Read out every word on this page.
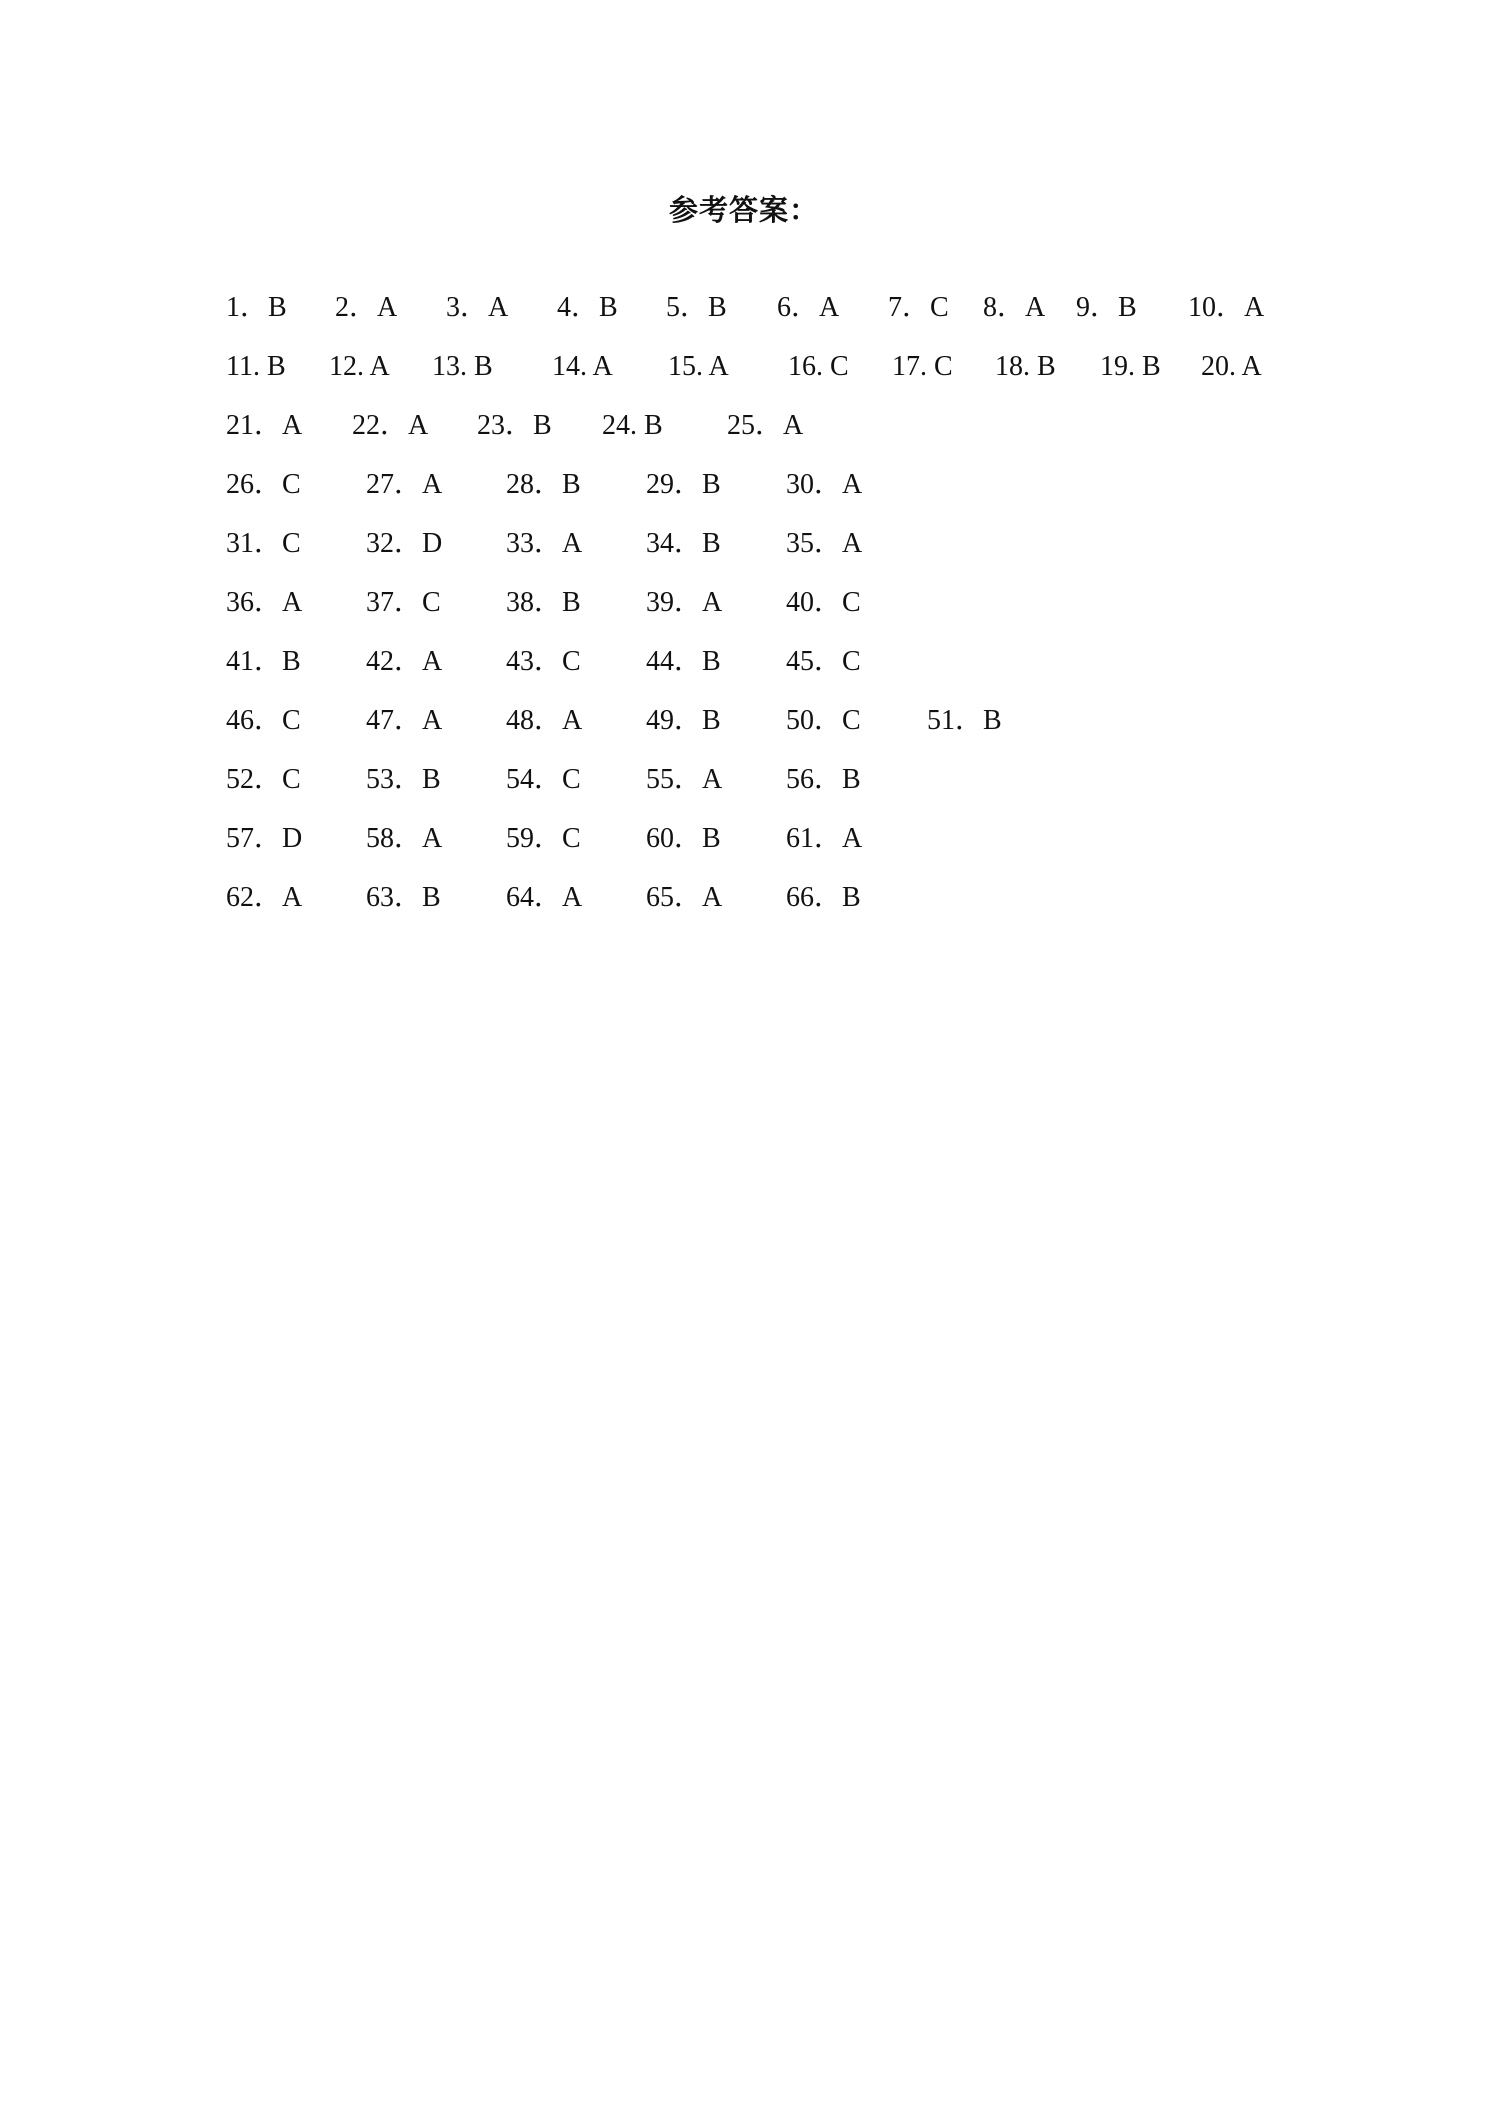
参考答案：
1．B 2．A 3．A 4．B 5．B 6．A 7．C 8．A 9．B 10．A
11. B 12. A 13. B 14. A 15. A 16. C 17. C 18. B 19. B 20. A
21．A 22．A 23．B 24. B 25．A
26．C 27．A 28．B 29．B 30．A
31．C 32．D 33．A 34．B 35．A
36．A 37．C 38．B 39．A 40．C
41．B 42．A 43．C 44．B 45．C
46．C 47．A 48．A 49．B 50．C 51．B
52．C 53．B 54．C 55．A 56．B
57．D 58．A 59．C 60．B 61．A
62．A 63．B 64．A 65．A 66．B
